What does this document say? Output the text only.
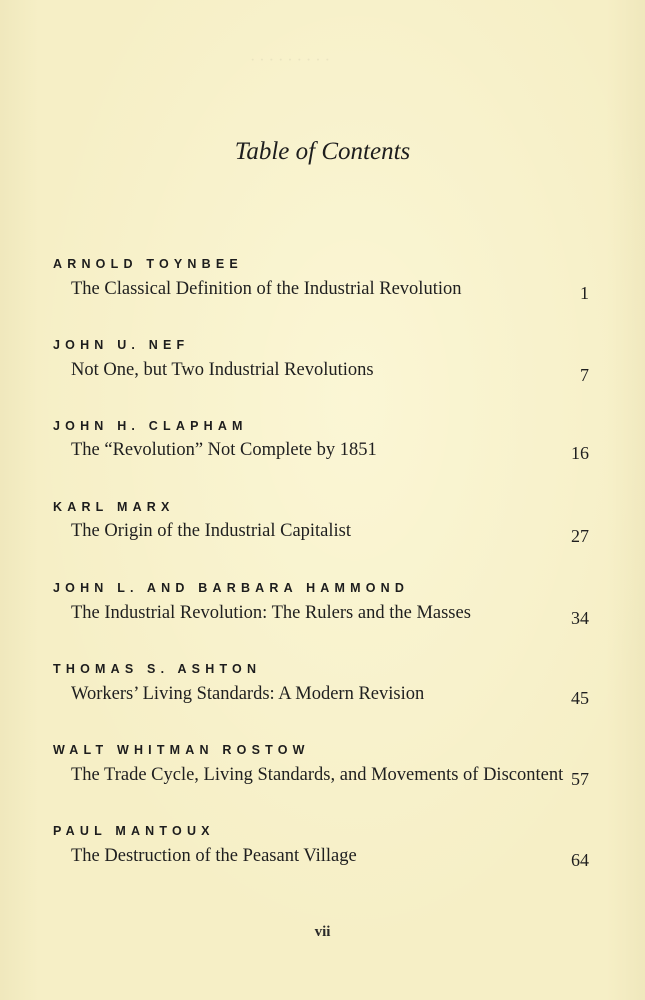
· · · · · · · · ·
Table of Contents
ARNOLD TOYNBEE
The Classical Definition of the Industrial Revolution	1
JOHN U. NEF
Not One, but Two Industrial Revolutions	7
JOHN H. CLAPHAM
The “Revolution” Not Complete by 1851	16
KARL MARX
The Origin of the Industrial Capitalist	27
JOHN L. AND BARBARA HAMMOND
The Industrial Revolution: The Rulers and the Masses	34
THOMAS S. ASHTON
Workers’ Living Standards: A Modern Revision	45
WALT WHITMAN ROSTOW
The Trade Cycle, Living Standards, and Movements of Discontent 57
PAUL MANTOUX
The Destruction of the Peasant Village	64
vii
